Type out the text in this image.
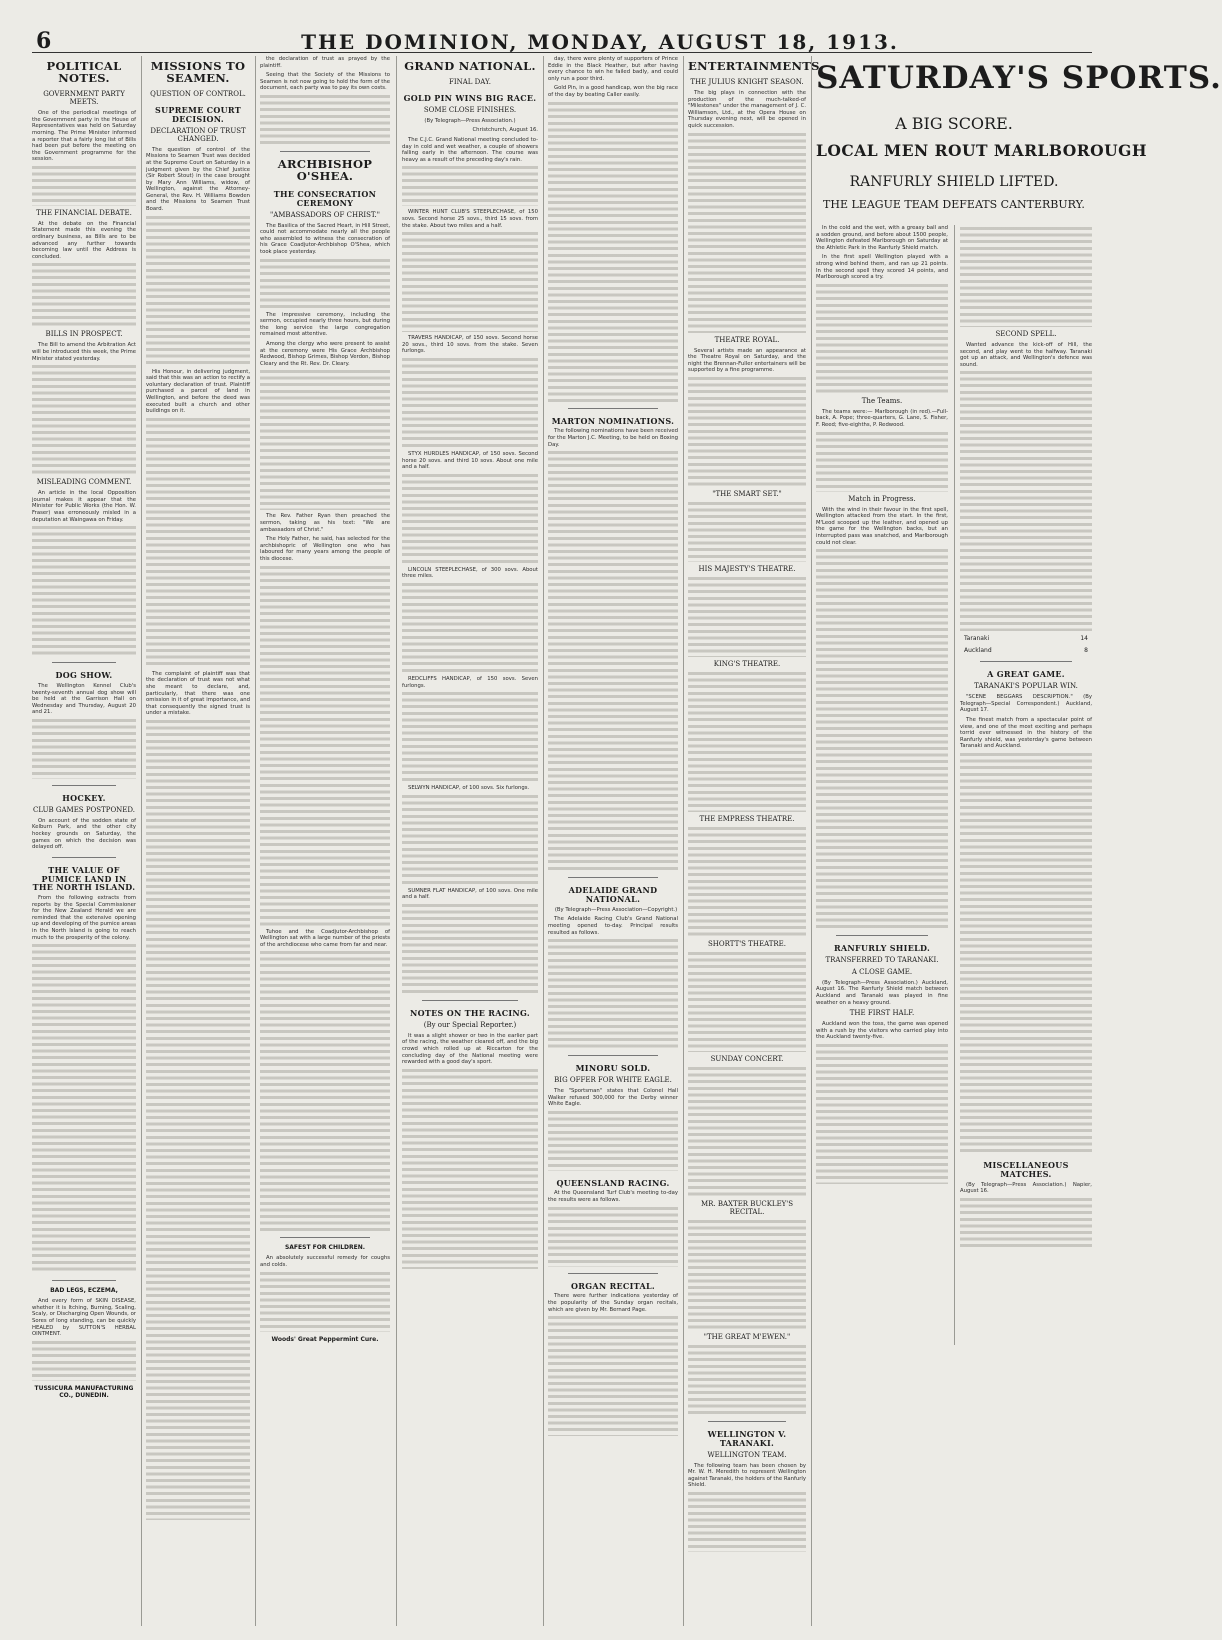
6	THE DOMINION, MONDAY, AUGUST 18, 1913.
POLITICAL NOTES.
GOVERNMENT PARTY MEETS.

One of the periodical meetings of the Government party in the House of Representatives was held on Saturday morning. The Prime Minister informed a reporter that a fairly long list of Bills had been put before the meeting on the Government programme for the session.

THE FINANCIAL DEBATE.

At the debate on the Financial Statement made this evening the ordinary business, as Bills are to be advanced any further towards becoming law until the Address is concluded.

BILLS IN PROSPECT.

The Bill to amend the Arbitration Act will be introduced this week, the Prime Minister stated yesterday.

MISLEADING COMMENT.

An article in the local Opposition journal makes it appear that the Minister for Public Works (the Hon. W. Fraser) was erroneously misled in a deputation at Waingawa on Friday.

DOG SHOW.

The Wellington Kennel Club's twenty-seventh annual dog show will be held at the Garrison Hall on Wednesday and Thursday, August 20 and 21.

HOCKEY.
CLUB GAMES POSTPONED.

On account of the sodden state of Kelburn Park, and the other city hockey grounds on Saturday, the games on which the decision was delayed off.

THE VALUE OF PUMICE LAND IN THE NORTH ISLAND.

From the following extracts from reports by the Special Commissioner for the New Zealand Herald we are reminded that the extensive opening up and developing of the pumice areas in the North Island is going to reach much to the prosperity of the colony.

BAD LEGS, ECZEMA,

And every form of SKIN DISEASE, whether it is Itching, Burning, Scaling, Scaly, or Discharging Open Wounds, or Sores of long standing, can be quickly HEALED by SUTTON'S HERBAL OINTMENT.

TUSSICURA MANUFACTURING CO., DUNEDIN.
MISSIONS TO SEAMEN.
QUESTION OF CONTROL.
SUPREME COURT DECISION.
DECLARATION OF TRUST CHANGED.

The question of control of the Missions to Seamen Trust was decided at the Supreme Court on Saturday in a judgment given by the Chief Justice (Sir Robert Stout) in the case brought by Mary Ann Williams, widow, of Wellington, against the Attorney-General, the Rev. H. Williams Bowden and the Missions to Seamen Trust Board.

His Honour, in delivering judgment, said that this was an action to rectify a voluntary declaration of trust. Plaintiff purchased a parcel of land in Wellington, and before the deed was executed built a church and other buildings on it.

The complaint of plaintiff was that the declaration of trust was not what she meant to declare, and, particularly, that there was one omission in it of great importance, and that consequently the signed trust is under a mistake.

the declaration of trust as prayed by the plaintiff.

Seeing that the Society of the Missions to Seamen is not now going to hold the form of the document, each party was to pay its own costs.

ARCHBISHOP O'SHEA.
THE CONSECRATION CEREMONY
"AMBASSADORS OF CHRIST."

The Basilica of the Sacred Heart, in Hill Street, could not accommodate nearly all the people who assembled to witness the consecration of his Grace Coadjutor-Archbishop O'Shea, which took place yesterday.

The impressive ceremony, including the sermon, occupied nearly three hours, but during the long service the large congregation remained most attentive.

Among the clergy who were present to assist at the ceremony were His Grace Archbishop Redwood, Bishop Grimes, Bishop Verdon, Bishop Cleary and the Rt. Rev. Dr. Cleary.

The Rev. Father Ryan then preached the sermon, taking as his text: "We are ambassadors of Christ."

The Holy Father, he said, has selected for the archbishopric of Wellington one who has laboured for many years among the people of this diocese.

Tuhoe and the Coadjutor-Archbishop of Wellington sat with a large number of the priests of the archdiocese who came from far and near.

SAFEST FOR CHILDREN.

An absolutely successful remedy for coughs and colds.

Woods' Great Peppermint Cure.
GRAND NATIONAL.
FINAL DAY.
GOLD PIN WINS BIG RACE.
SOME CLOSE FINISHES.

(By Telegraph—Press Association.)

Christchurch, August 16.

The C.J.C. Grand National meeting concluded to-day in cold and wet weather, a couple of showers falling early in the afternoon. The course was heavy as a result of the preceding day's rain.

WINTER HUNT CLUB'S STEEPLECHASE, of 150 sovs. Second horse 25 sovs., third 15 sovs. from the stake. About two miles and a half.

TRAVERS HANDICAP, of 150 sovs. Second horse 20 sovs., third 10 sovs. from the stake. Seven furlongs.

STYX HURDLES HANDICAP, of 150 sovs. Second horse 20 sovs. and third 10 sovs. About one mile and a half.

LINCOLN STEEPLECHASE, of 300 sovs. About three miles.

REDCLIFFS HANDICAP, of 150 sovs. Seven furlongs.

SELWYN HANDICAP, of 100 sovs. Six furlongs.

SUMNER FLAT HANDICAP, of 100 sovs. One mile and a half.

NOTES ON THE RACING.
(By our Special Reporter.)

It was a slight shower or two in the earlier part of the racing, the weather cleared off, and the big crowd which rolled up at Riccarton for the concluding day of the National meeting were rewarded with a good day's sport.

day, there were plenty of supporters of Prince Eddie in the Black Heather, but after having every chance to win he failed badly, and could only run a poor third.

Gold Pin, in a good handicap, won the big race of the day by beating Caller easily.

MARTON NOMINATIONS.

The following nominations have been received for the Marton J.C. Meeting, to be held on Boxing Day.

ADELAIDE GRAND NATIONAL.

(By Telegraph—Press Association—Copyright.)

The Adelaide Racing Club's Grand National meeting opened to-day. Principal results resulted as follows.

MINORU SOLD.
BIG OFFER FOR WHITE EAGLE.

The "Sportsman" states that Colonel Hall Walker refused 300,000 for the Derby winner White Eagle.

QUEENSLAND RACING.

At the Queensland Turf Club's meeting to-day the results were as follows.

ORGAN RECITAL.

There were further indications yesterday of the popularity of the Sunday organ recitals, which are given by Mr. Bernard Page.

ENTERTAINMENTS.
THE JULIUS KNIGHT SEASON.

The big plays in connection with the production of the much-talked-of "Milestones" under the management of J. C. Williamson, Ltd., at the Opera House on Thursday evening next, will be opened in quick succession.

THEATRE ROYAL.

Several artists made an appearance at the Theatre Royal on Saturday, and the night the Brennan-Fuller entertainers will be supported by a fine programme.

"THE SMART SET."
HIS MAJESTY'S THEATRE.
KING'S THEATRE.
THE EMPRESS THEATRE.
SHORTT'S THEATRE.
SUNDAY CONCERT.
MR. BAXTER BUCKLEY'S RECITAL.
"THE GREAT M'EWEN."
WELLINGTON V. TARANAKI.
WELLINGTON TEAM.

The following team has been chosen by Mr. W. H. Meredith to represent Wellington against Taranaki, the holders of the Ranfurly Shield.

SATURDAY'S SPORTS.
A BIG SCORE.
LOCAL MEN ROUT MARLBOROUGH
RANFURLY SHIELD LIFTED.
THE LEAGUE TEAM DEFEATS CANTERBURY.

In the cold and the wet, with a greasy ball and a sodden ground, and before about 1500 people, Wellington defeated Marlborough on Saturday at the Athletic Park in the Ranfurly Shield match.

In the first spell Wellington played with a strong wind behind them, and ran up 21 points. In the second spell they scored 14 points, and Marlborough scored a try.

The Teams.

The teams were:— Marlborough (in red).—Full-back, A. Pope; three-quarters, G. Lane, S. Fisher, F. Reed; five-eighths, P. Redwood.

Match in Progress.

With the wind in their favour in the first spell, Wellington attacked from the start. In the first, M'Leod scooped up the leather, and opened up the game for the Wellington backs, but an interrupted pass was snatched, and Marlborough could not clear.

RANFURLY SHIELD.
TRANSFERRED TO TARANAKI.
A CLOSE GAME.

(By Telegraph—Press Association.) Auckland, August 16. The Ranfurly Shield match between Auckland and Taranaki was played in fine weather on a heavy ground.

THE FIRST HALF.

Auckland won the toss, the game was opened with a rush by the visitors who carried play into the Auckland twenty-five.

SECOND SPELL.

Wanted advance the kick-off of Hill, the second, and play went to the halfway. Taranaki got up an attack, and Wellington's defence was sound.

Taranaki	14
Auckland	8
A GREAT GAME.
TARANAKI'S POPULAR WIN.

"SCENE BEGGARS DESCRIPTION." (By Telegraph—Special Correspondent.) Auckland, August 17.

The finest match from a spectacular point of view, and one of the most exciting and perhaps torrid ever witnessed in the history of the Ranfurly shield, was yesterday's game between Taranaki and Auckland.

MISCELLANEOUS MATCHES.

(By Telegraph—Press Association.) Napier, August 16.
